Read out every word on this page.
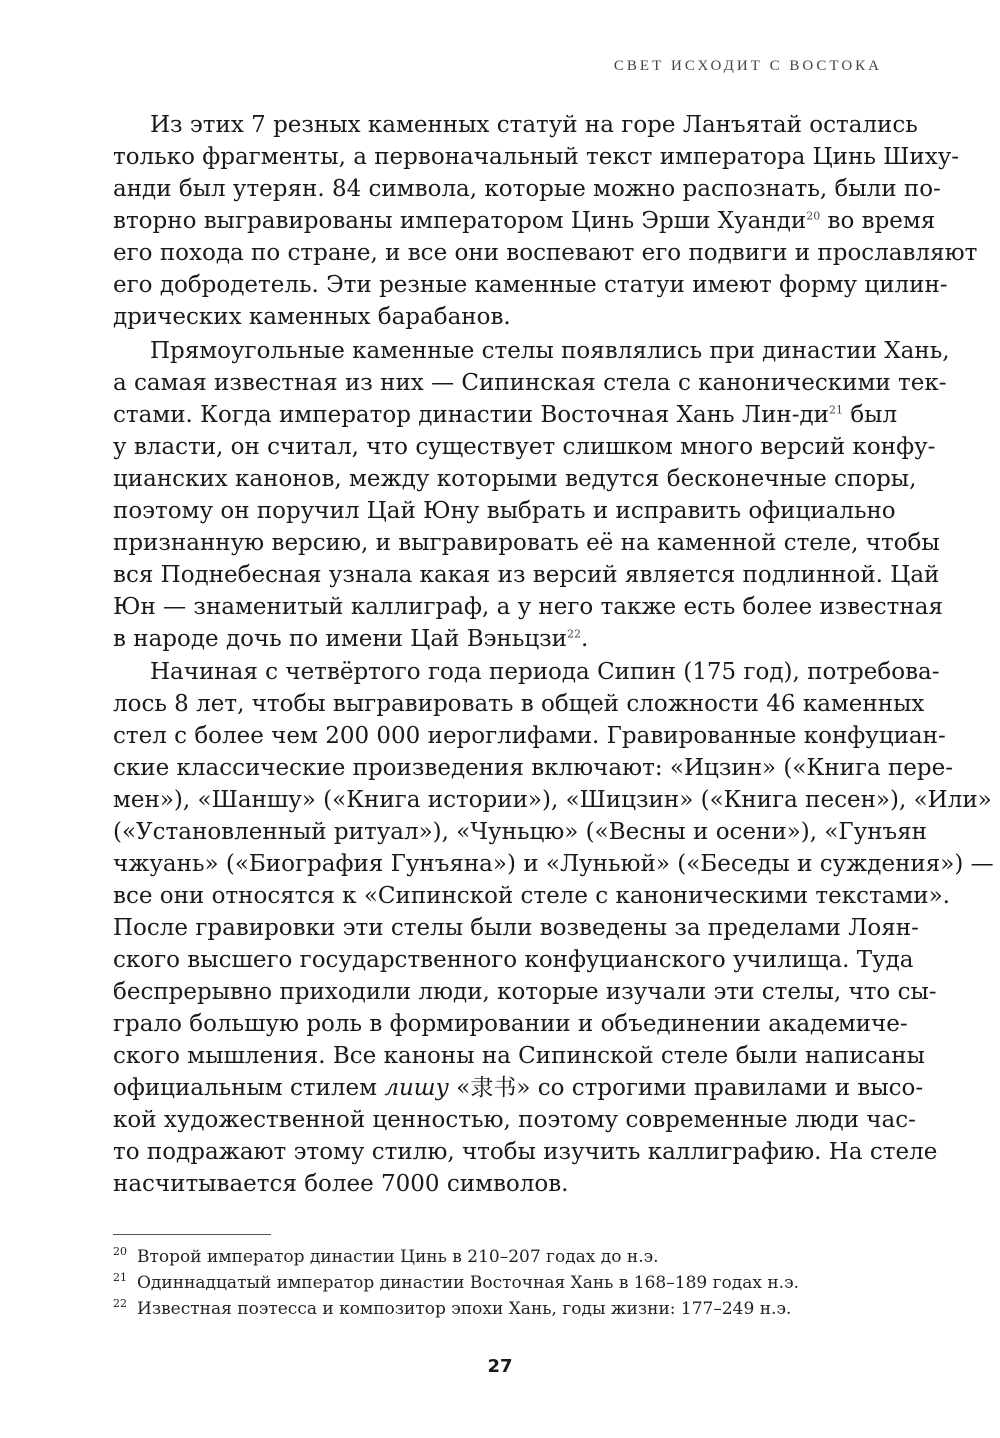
СВЕТ ИСХОДИТ С ВОСТОКА
Из этих 7 резных каменных статуй на горе Ланъятай остались
только фрагменты, а первоначальный текст императора Цинь Шиху-
анди был утерян. 84 символа, которые можно распознать, были по-
вторно выгравированы императором Цинь Эрши Хуанди$^{20}$ во время
его похода по стране, и все они воспевают его подвиги и прославляют
его добродетель. Эти резные каменные статуи имеют форму цилин-
дрических каменных барабанов.
Прямоугольные каменные стелы появлялись при династии Хань,
а самая известная из них — Сипинская стела с каноническими тек-
стами. Когда император династии Восточная Хань Лин-$ди^{21}$ был
у власти, он считал, что существует слишком много версий конфу-
цианских канонов, между которыми ведутся бесконечные споры,
поэтому он поручил Цай Юну выбрать и исправить официально
признанную версию, и выгравировать её на каменной стеле, чтобы
вся Поднебесная узнала какая из версий является подлинной. Цай
Юн — знаменитый каллиграф, а у него также есть более известная
в народе дочь по имени Цай Вэньцзи$^{22}$.
Начиная с четвёртого года периода Сипин (175 год), потребова-
лось 8 лет, чтобы выгравировать в общей сложности 46 каменных
стел с более чем 200 000 иероглифами. Гравированные конфуциан-
ские классические произведения включают: «Ицзин» («Книга пере-
мен»), «Шаншу» («Книга истории»), «Шицзин» («Книга песен»), «Или»
(«Установленный ритуал»), «Чуньцю» («Весны и осени»), «Гунъян
чжуань» («Биография Гунъяна») и «Луньюй» («Беседы и суждения») —
все они относятся к «Сипинской стеле с каноническими текстами».
После гравировки эти стелы были возведены за пределами Лоян-
ского высшего государственного конфуцианского училища. Туда
беспрерывно приходили люди, которые изучали эти стелы, что сы-
грало большую роль в формировании и объединении академиче-
ского мышления. Все каноны на Сипинской стеле были написаны
официальным стилем лишу «隶书» со строгими правилами и высо-
кой художественной ценностью, поэтому современные люди час-
то подражают этому стилю, чтобы изучить каллиграфию. На стеле
насчитывается более 7000 символов.
20 Второй император династии Цинь в 210–207 годах до н.э.
21 Одиннадцатый император династии Восточная Хань в 168–189 годах н.э.
22 Известная поэтесса и композитор эпохи Хань, годы жизни: 177–249 н.э.
27
